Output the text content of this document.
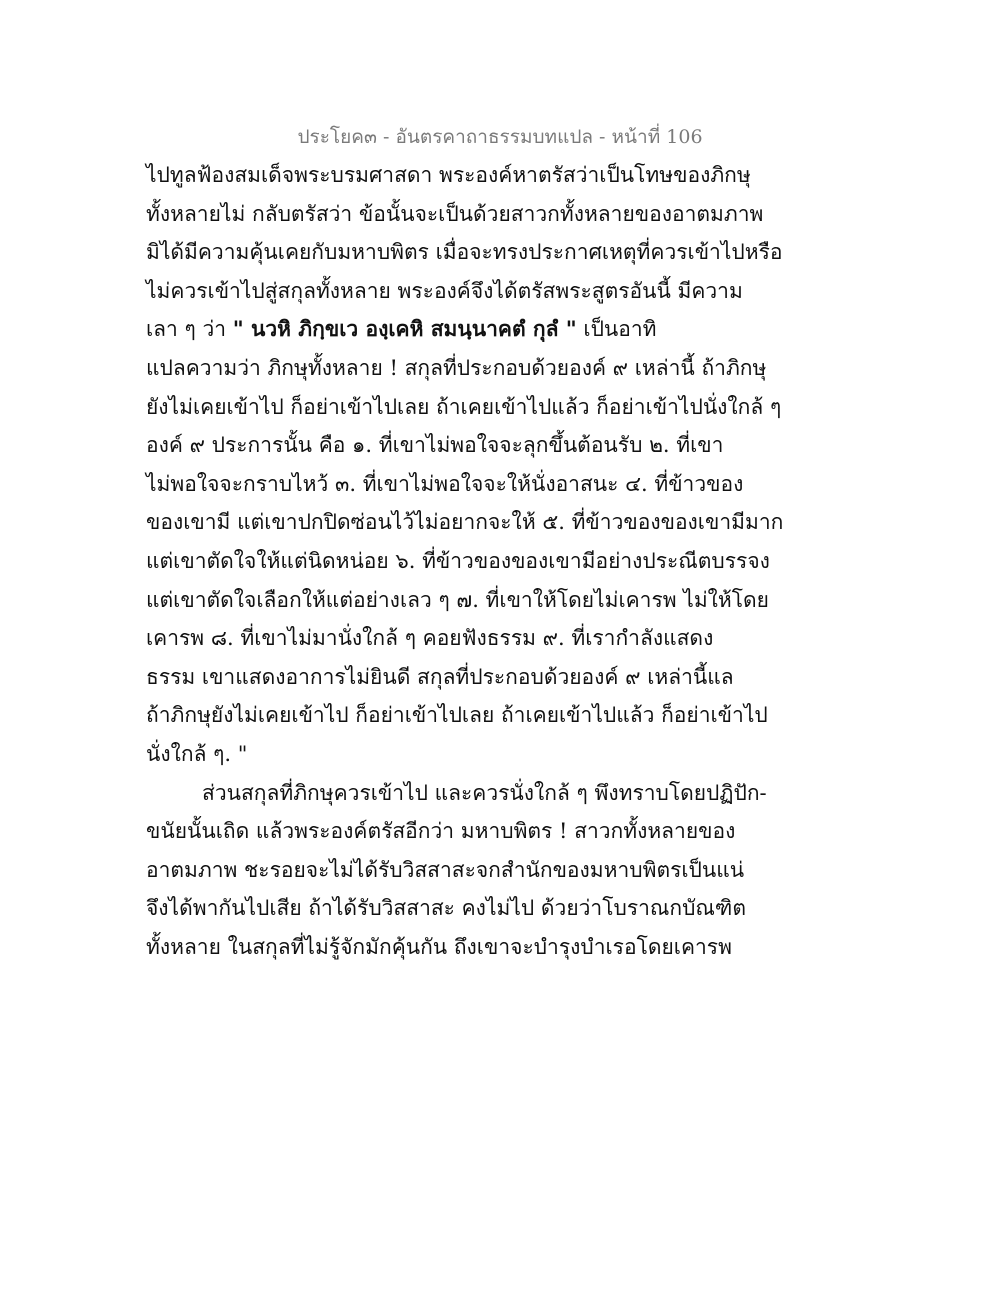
ประโยค๓ - อันตรคาถาธรรมบทแปล - หน้าที่ 106
ไปทูลฟ้องสมเด็จพระบรมศาสดา พระองค์หาตรัสว่าเป็นโทษของภิกษุ
ทั้งหลายไม่ กลับตรัสว่า ข้อนั้นจะเป็นด้วยสาวกทั้งหลายของอาตมภาพ
มิได้มีความคุ้นเคยกับมหาบพิตร เมื่อจะทรงประกาศเหตุที่ควรเข้าไปหรือ
ไม่ควรเข้าไปสู่สกุลทั้งหลาย พระองค์จึงได้ตรัสพระสูตรอันนี้ มีความ
เลา ๆ ว่า " นวหิ ภิกฺขเว องฺเคหิ สมนฺนาคตํ กุลํ " เป็นอาทิ
แปลความว่า ภิกษุทั้งหลาย ! สกุลที่ประกอบด้วยองค์ ๙ เหล่านี้ ถ้าภิกษุ
ยังไม่เคยเข้าไป ก็อย่าเข้าไปเลย ถ้าเคยเข้าไปแล้ว ก็อย่าเข้าไปนั่งใกล้ ๆ
องค์ ๙ ประการนั้น คือ ๑. ที่เขาไม่พอใจจะลุกขึ้นต้อนรับ ๒. ที่เขา
ไม่พอใจจะกราบไหว้ ๓. ที่เขาไม่พอใจจะให้นั่งอาสนะ ๔. ที่ข้าวของ
ของเขามี แต่เขาปกปิดซ่อนไว้ไม่อยากจะให้ ๕. ที่ข้าวของของเขามีมาก
แต่เขาตัดใจให้แต่นิดหน่อย ๖. ที่ข้าวของของเขามีอย่างประณีตบรรจง
แต่เขาตัดใจเลือกให้แต่อย่างเลว ๆ ๗. ที่เขาให้โดยไม่เคารพ ไม่ให้โดย
เคารพ ๘. ที่เขาไม่มานั่งใกล้ ๆ คอยฟังธรรม ๙. ที่เรากำลังแสดง
ธรรม เขาแสดงอาการไม่ยินดี สกุลที่ประกอบด้วยองค์ ๙ เหล่านี้แล
ถ้าภิกษุยังไม่เคยเข้าไป ก็อย่าเข้าไปเลย ถ้าเคยเข้าไปแล้ว ก็อย่าเข้าไป
นั่งใกล้ ๆ. "
ส่วนสกุลที่ภิกษุควรเข้าไป และควรนั่งใกล้ ๆ พึงทราบโดยปฏิปัก-
ขนัยนั้นเถิด แล้วพระองค์ตรัสอีกว่า มหาบพิตร ! สาวกทั้งหลายของ
อาตมภาพ ชะรอยจะไม่ได้รับวิสสาสะจกสำนักของมหาบพิตรเป็นแน่
จึงได้พากันไปเสีย ถ้าได้รับวิสสาสะ คงไม่ไป ด้วยว่าโบราณกบัณฑิต
ทั้งหลาย ในสกุลที่ไม่รู้จักมักคุ้นกัน ถึงเขาจะบำรุงบำเรอโดยเคารพ
